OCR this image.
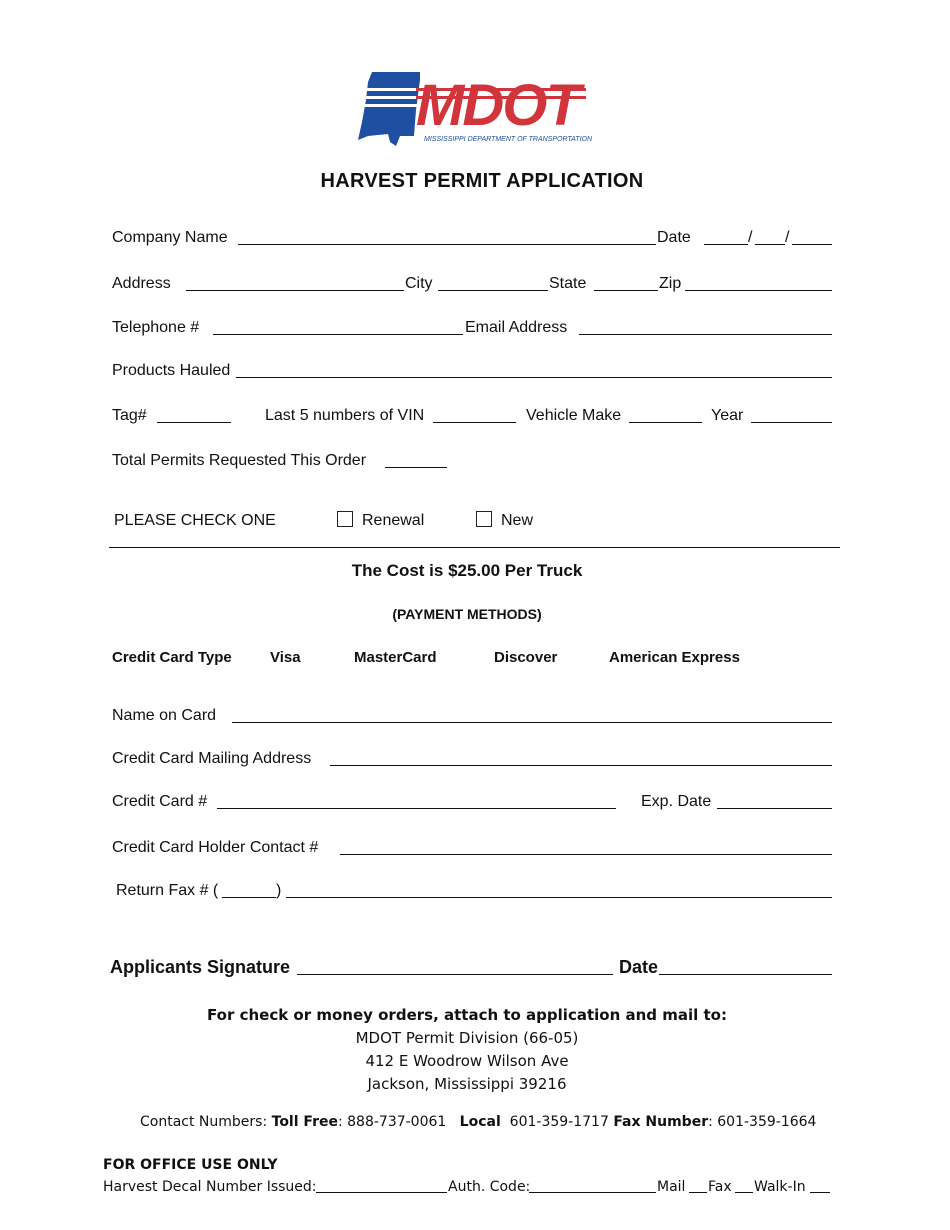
MDOT
MISSISSIPPI DEPARTMENT OF TRANSPORTATION
HARVEST PERMIT APPLICATION
Company Name	Date	/ /
Address	City	State	Zip
Telephone #	Email Address
Products Hauled
Tag#	Last 5 numbers of VIN	Vehicle Make	Year
Total Permits Requested This Order
PLEASE CHECK ONE	Renewal	New
The Cost is $25.00 Per Truck
(PAYMENT METHODS)
Credit Card Type	Visa	MasterCard	Discover	American Express
Name on Card
Credit Card Mailing Address
Credit Card #	Exp. Date
Credit Card Holder Contact #
Return Fax # (	)
Applicants Signature	Date
For check or money orders, attach to application and mail to:
MDOT Permit Division (66-05)
412 E Woodrow Wilson Ave
Jackson, Mississippi 39216
Contact Numbers: Toll Free: 888-737-0061 Local 601-359-1717 Fax Number: 601-359-1664
FOR OFFICE USE ONLY
Harvest Decal Number Issued:	Auth. Code:	Mail Fax Walk-In
